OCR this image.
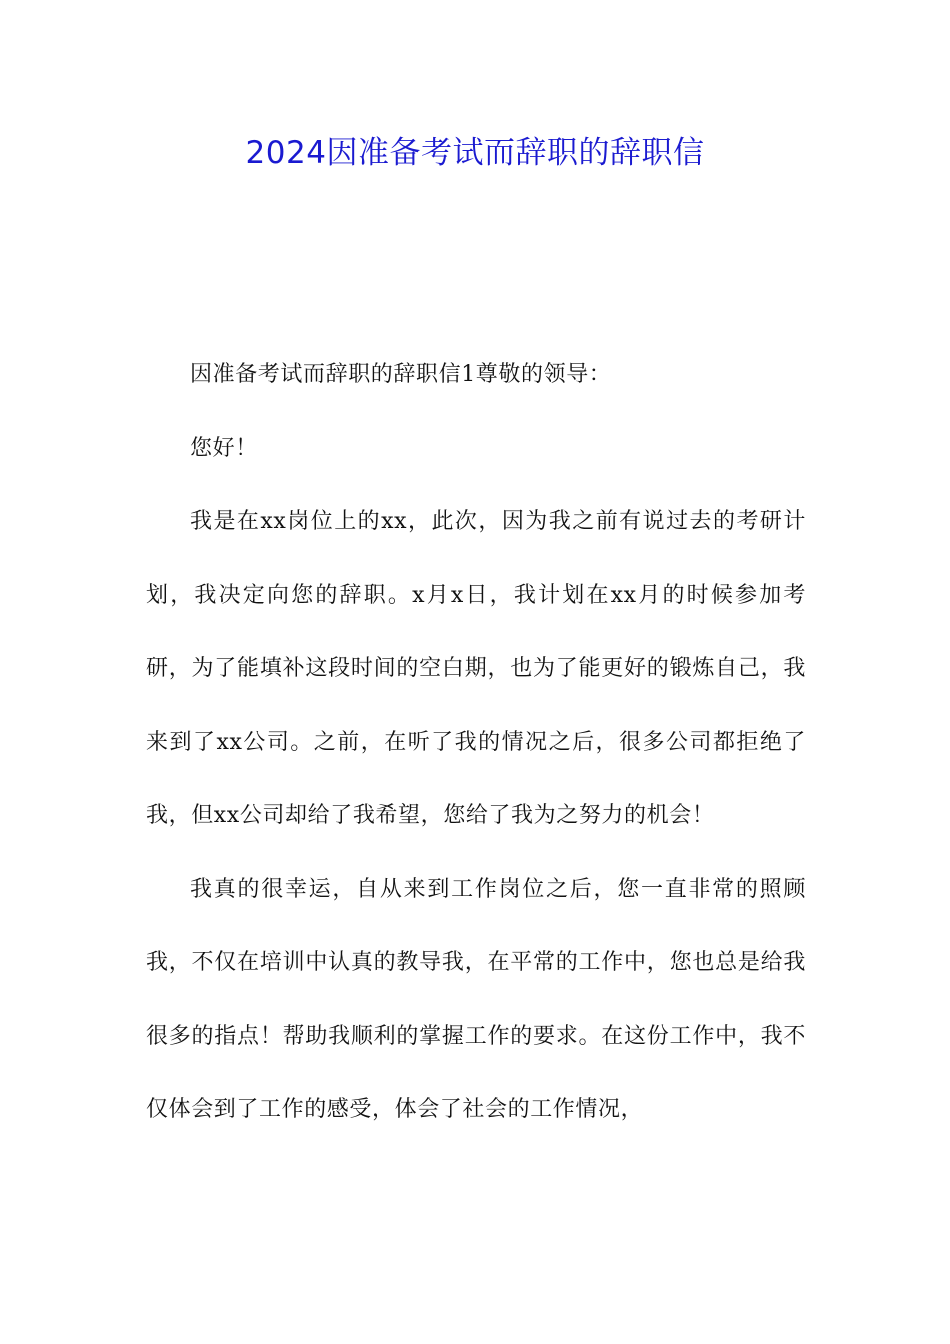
2024因准备考试而辞职的辞职信

因准备考试而辞职的辞职信1尊敬的领导：

您好！

我是在xx岗位上的xx，此次，因为我之前有说过去的考研计划，我决定向您的辞职。x月x日，我计划在xx月的时候参加考研，为了能填补这段时间的空白期，也为了能更好的锻炼自己，我来到了xx公司。之前，在听了我的情况之后，很多公司都拒绝了我，但xx公司却给了我希望，您给了我为之努力的机会！

我真的很幸运，自从来到工作岗位之后，您一直非常的照顾我，不仅在培训中认真的教导我，在平常的工作中，您也总是给我很多的指点！帮助我顺利的掌握工作的要求。在这份工作中，我不仅体会到了工作的感受，体会了社会的工作情况，
